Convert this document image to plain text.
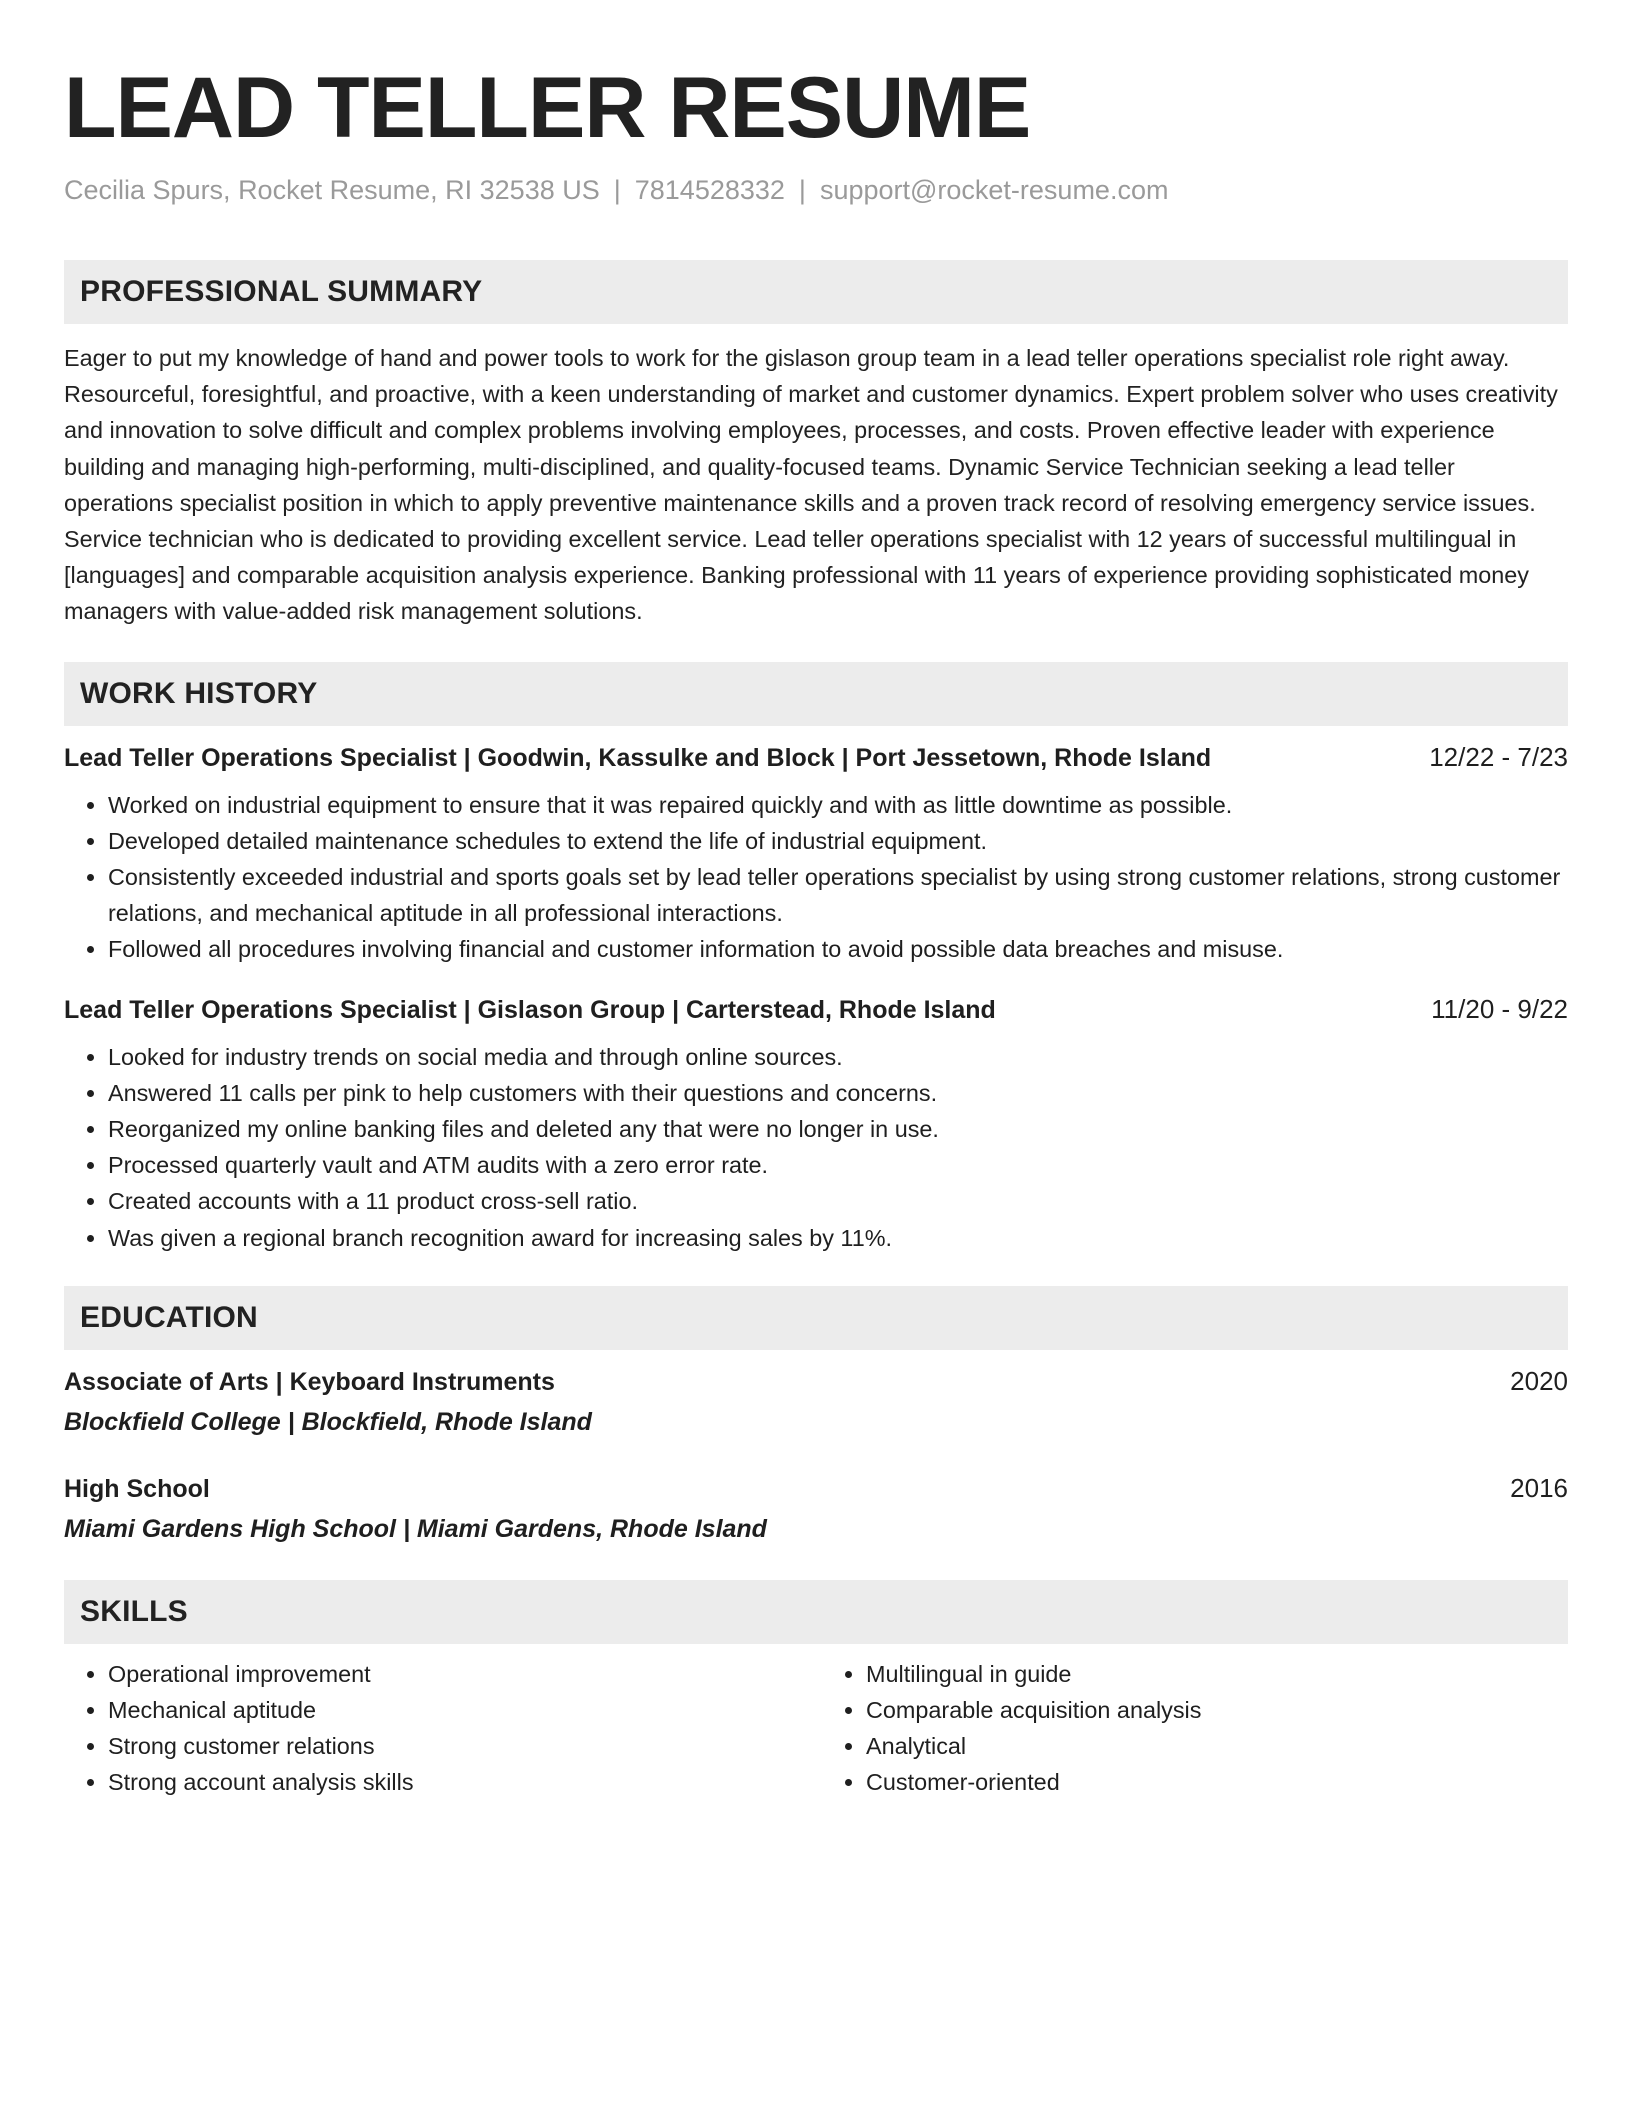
LEAD TELLER RESUME
Cecilia Spurs, Rocket Resume, RI 32538 US | 7814528332 | support@rocket-resume.com
PROFESSIONAL SUMMARY

Eager to put my knowledge of hand and power tools to work for the gislason group team in a lead teller operations specialist role right away. Resourceful, foresightful, and proactive, with a keen understanding of market and customer dynamics. Expert problem solver who uses creativity and innovation to solve difficult and complex problems involving employees, processes, and costs. Proven effective leader with experience building and managing high-performing, multi-disciplined, and quality-focused teams. Dynamic Service Technician seeking a lead teller operations specialist position in which to apply preventive maintenance skills and a proven track record of resolving emergency service issues. Service technician who is dedicated to providing excellent service. Lead teller operations specialist with 12 years of successful multilingual in [languages] and comparable acquisition analysis experience. Banking professional with 11 years of experience providing sophisticated money managers with value-added risk management solutions.

WORK HISTORY
Lead Teller Operations Specialist | Goodwin, Kassulke and Block | Port Jessetown, Rhode Island	12/22 - 7/23
• Worked on industrial equipment to ensure that it was repaired quickly and with as little downtime as possible.
• Developed detailed maintenance schedules to extend the life of industrial equipment.
• Consistently exceeded industrial and sports goals set by lead teller operations specialist by using strong customer relations, strong customer relations, and mechanical aptitude in all professional interactions.
• Followed all procedures involving financial and customer information to avoid possible data breaches and misuse.
Lead Teller Operations Specialist | Gislason Group | Carterstead, Rhode Island	11/20 - 9/22
• Looked for industry trends on social media and through online sources.
• Answered 11 calls per pink to help customers with their questions and concerns.
• Reorganized my online banking files and deleted any that were no longer in use.
• Processed quarterly vault and ATM audits with a zero error rate.
• Created accounts with a 11 product cross-sell ratio.
• Was given a regional branch recognition award for increasing sales by 11%.
EDUCATION
Associate of Arts | Keyboard Instruments	2020
Blockfield College | Blockfield, Rhode Island
High School	2016
Miami Gardens High School | Miami Gardens, Rhode Island
SKILLS
• Operational improvement
• Mechanical aptitude
• Strong customer relations
• Strong account analysis skills
• Multilingual in guide
• Comparable acquisition analysis
• Analytical
• Customer-oriented
